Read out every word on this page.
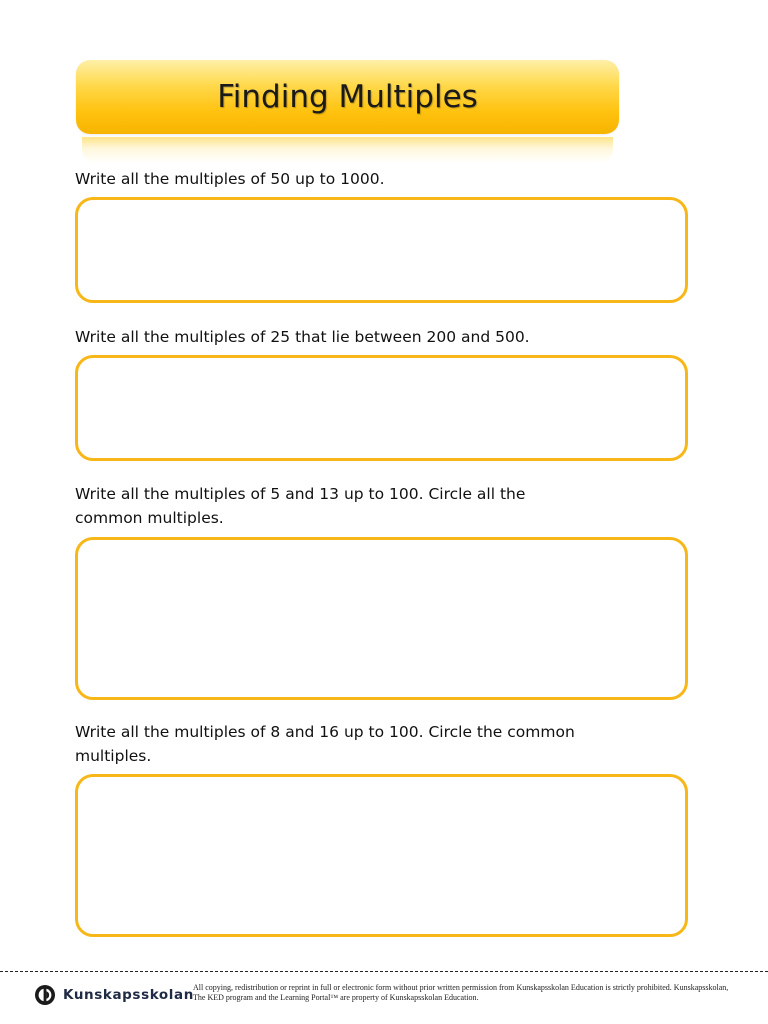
Finding Multiples
Write all the multiples of 50 up to 1000.
Write all the multiples of 25 that lie between 200 and 500.
Write all the multiples of 5 and 13 up to 100. Circle all the common multiples.
Write all the multiples of 8 and 16 up to 100. Circle the common multiples.
Kunskapsskolan All copying, redistribution or reprint in full or electronic form without prior written permission from Kunskapsskolan Education is strictly prohibited. Kunskapsskolan, The KED program and the Learning Portal™ are property of Kunskapsskolan Education.
